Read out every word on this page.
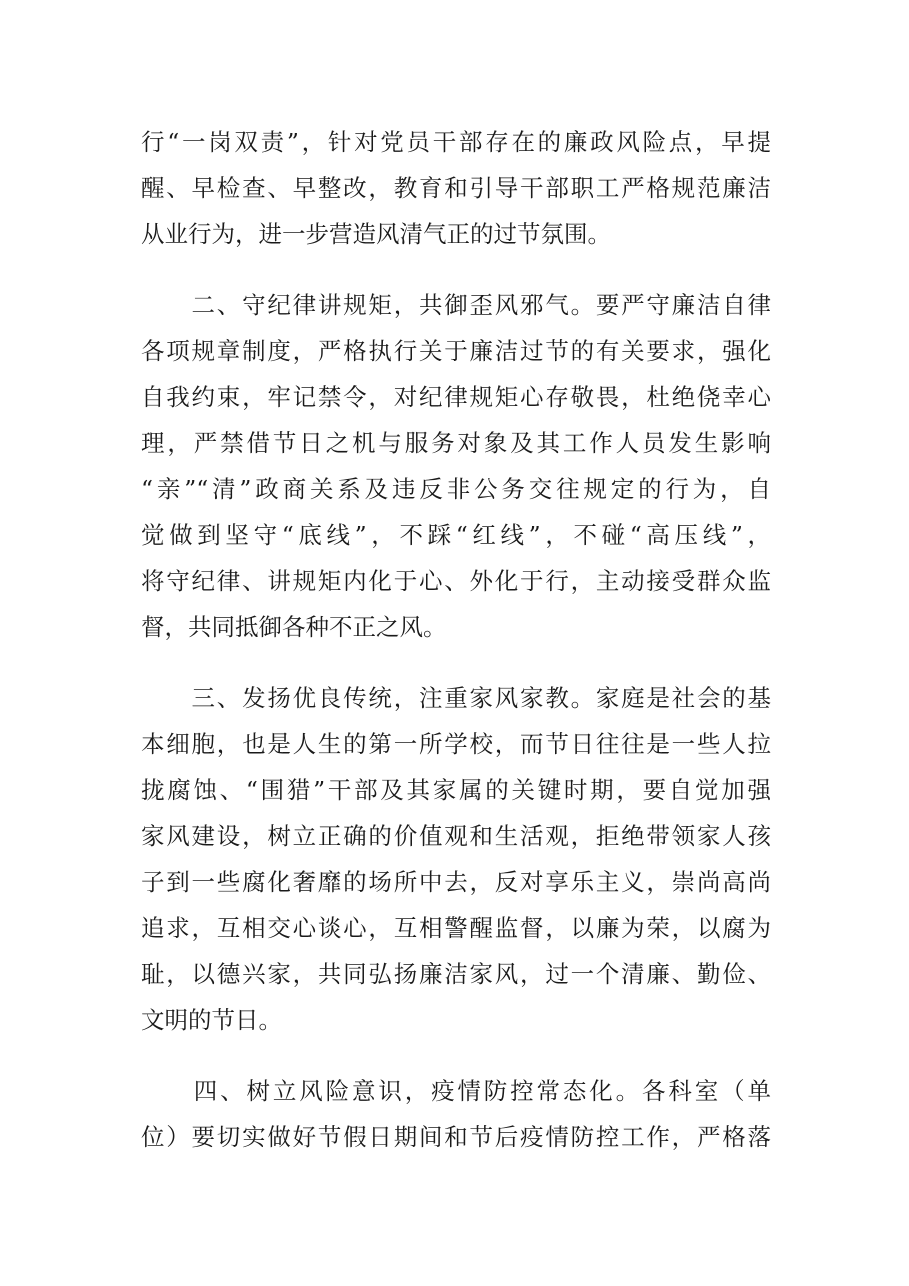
行“一岗双责”，针对党员干部存在的廉政风险点，早提
醒、早检查、早整改，教育和引导干部职工严格规范廉洁
从业行为，进一步营造风清气正的过节氛围。
　　二、守纪律讲规矩，共御歪风邪气。要严守廉洁自律
各项规章制度，严格执行关于廉洁过节的有关要求，强化
自我约束，牢记禁令，对纪律规矩心存敬畏，杜绝侥幸心
理，严禁借节日之机与服务对象及其工作人员发生影响
“亲”“清”政商关系及违反非公务交往规定的行为，自
觉做到坚守“底线”，不踩“红线”，不碰“高压线”，
将守纪律、讲规矩内化于心、外化于行，主动接受群众监
督，共同抵御各种不正之风。
　　三、发扬优良传统，注重家风家教。家庭是社会的基
本细胞，也是人生的第一所学校，而节日往往是一些人拉
拢腐蚀、“围猎”干部及其家属的关键时期，要自觉加强
家风建设，树立正确的价值观和生活观，拒绝带领家人孩
子到一些腐化奢靡的场所中去，反对享乐主义，崇尚高尚
追求，互相交心谈心，互相警醒监督，以廉为荣，以腐为
耻，以德兴家，共同弘扬廉洁家风，过一个清廉、勤俭、
文明的节日。
　　四、树立风险意识，疫情防控常态化。各科室（单
位）要切实做好节假日期间和节后疫情防控工作，严格落
